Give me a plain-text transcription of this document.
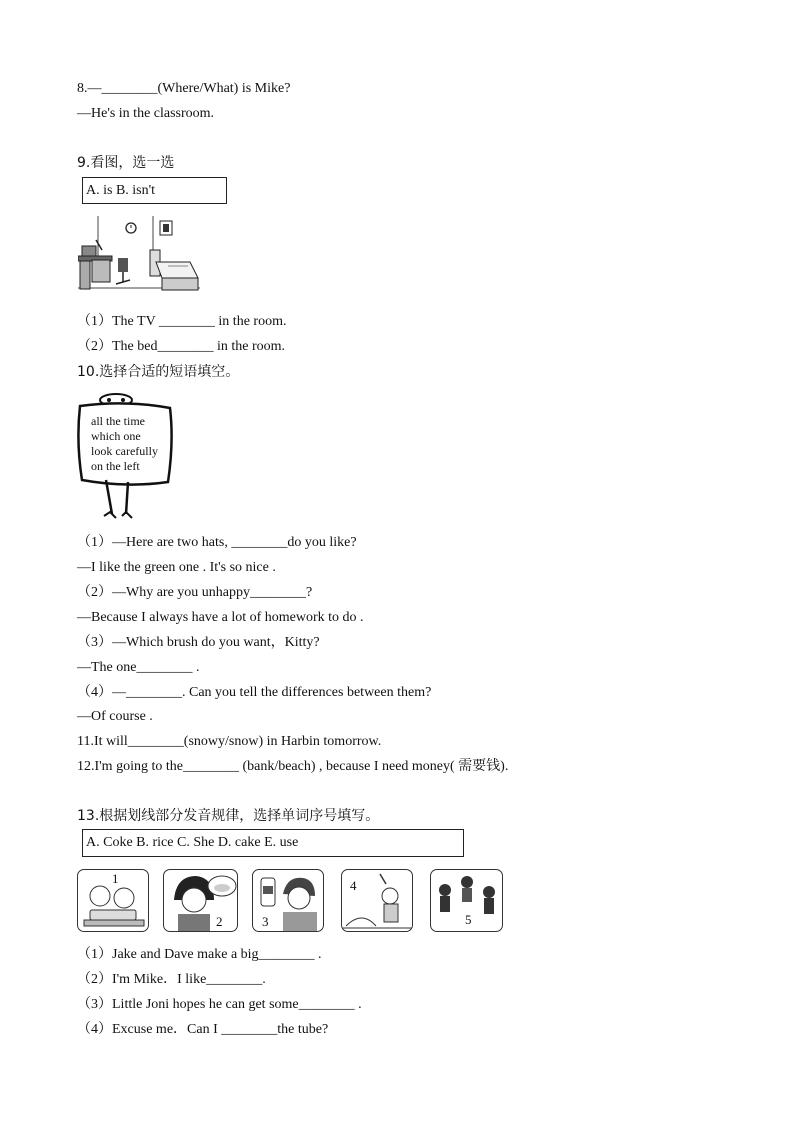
8.—________(Where/What) is Mike?
—He's in the classroom.
9.看图，选一选
A. is B. isn't
（1）The TV ________ in the room.
（2）The bed________ in the room.
10.选择合适的短语填空。
all the time
which one
look carefully
on the left
（1）—Here are two hats, ________do you like?
—I like the green one . It's so nice .
（2）—Why are you unhappy________?
—Because I always have a lot of homework to do .
（3）—Which brush do you want，Kitty?
—The one________ .
（4）—________. Can you tell the differences between them?
—Of course .
11.It will________(snowy/snow) in Harbin tomorrow.
12.I'm going to the________ (bank/beach) , because I need money( 需要钱).
13.根据划线部分发音规律，选择单词序号填写。
A. Coke B. rice C. She D. cake E. use
1
2	3
4
5
（1）Jake and Dave make a big________ .
（2）I'm Mike．I like________.
（3）Little Joni hopes he can get some________ .
（4）Excuse me．Can I ________the tube?
